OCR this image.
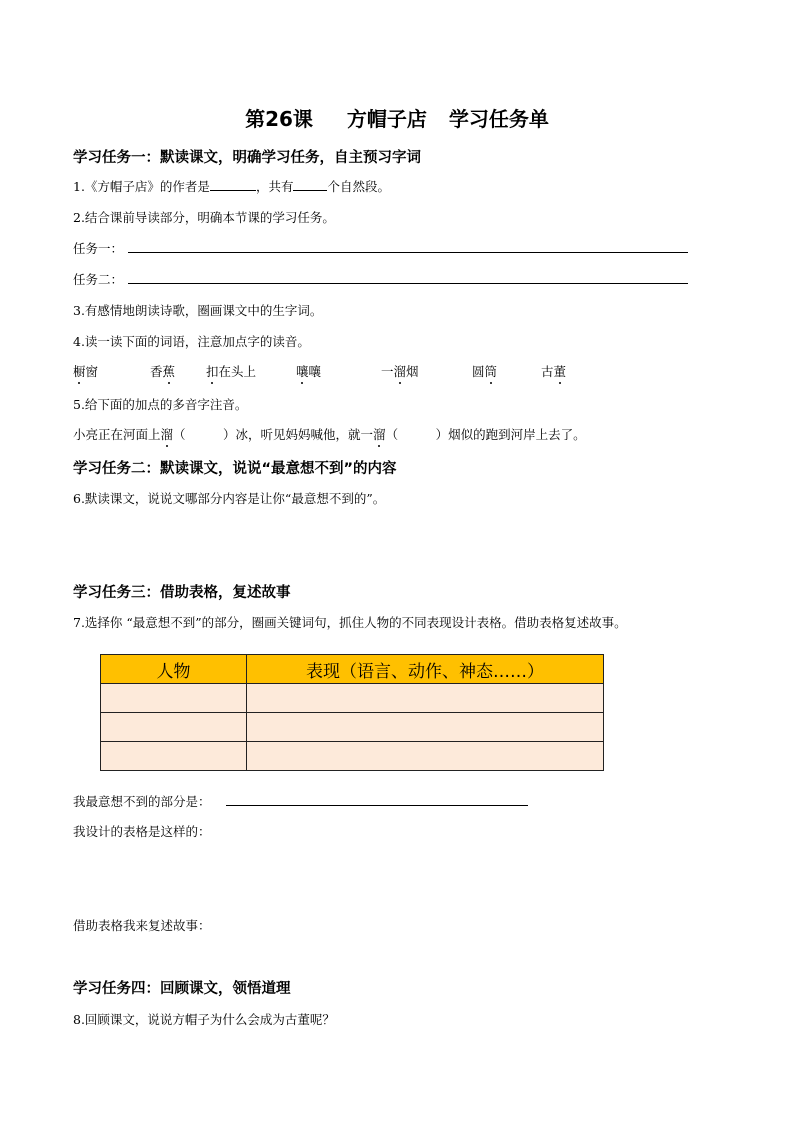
第26课 方帽子店 学习任务单
学习任务一：默读课文，明确学习任务，自主预习字词
1.《方帽子店》的作者是	，共有	个自然段。
2.结合课前导读部分，明确本节课的学习任务。
任务一：
任务二：
3.有感情地朗读诗歌，圈画课文中的生字词。
4.读一读下面的词语，注意加点字的读音。
橱窗	香蕉 扣在头上	嚷嚷	一溜烟	圆筒	古董
5.给下面的加点的多音字注音。
小亮正在河面上溜（　　　）冰，听见妈妈喊他，就一溜（　　　）烟似的跑到河岸上去了。
学习任务二：默读课文，说说“最意想不到”的内容
6.默读课文，说说文哪部分内容是让你“最意想不到的”。
学习任务三：借助表格，复述故事
7.选择你 “最意想不到”的部分，圈画关键词句，抓住人物的不同表现设计表格。借助表格复述故事。
人物	表现（语言、动作、神态……）

我最意想不到的部分是：
我设计的表格是这样的：
借助表格我来复述故事：
学习任务四：回顾课文，领悟道理
8.回顾课文，说说方帽子为什么会成为古董呢？
